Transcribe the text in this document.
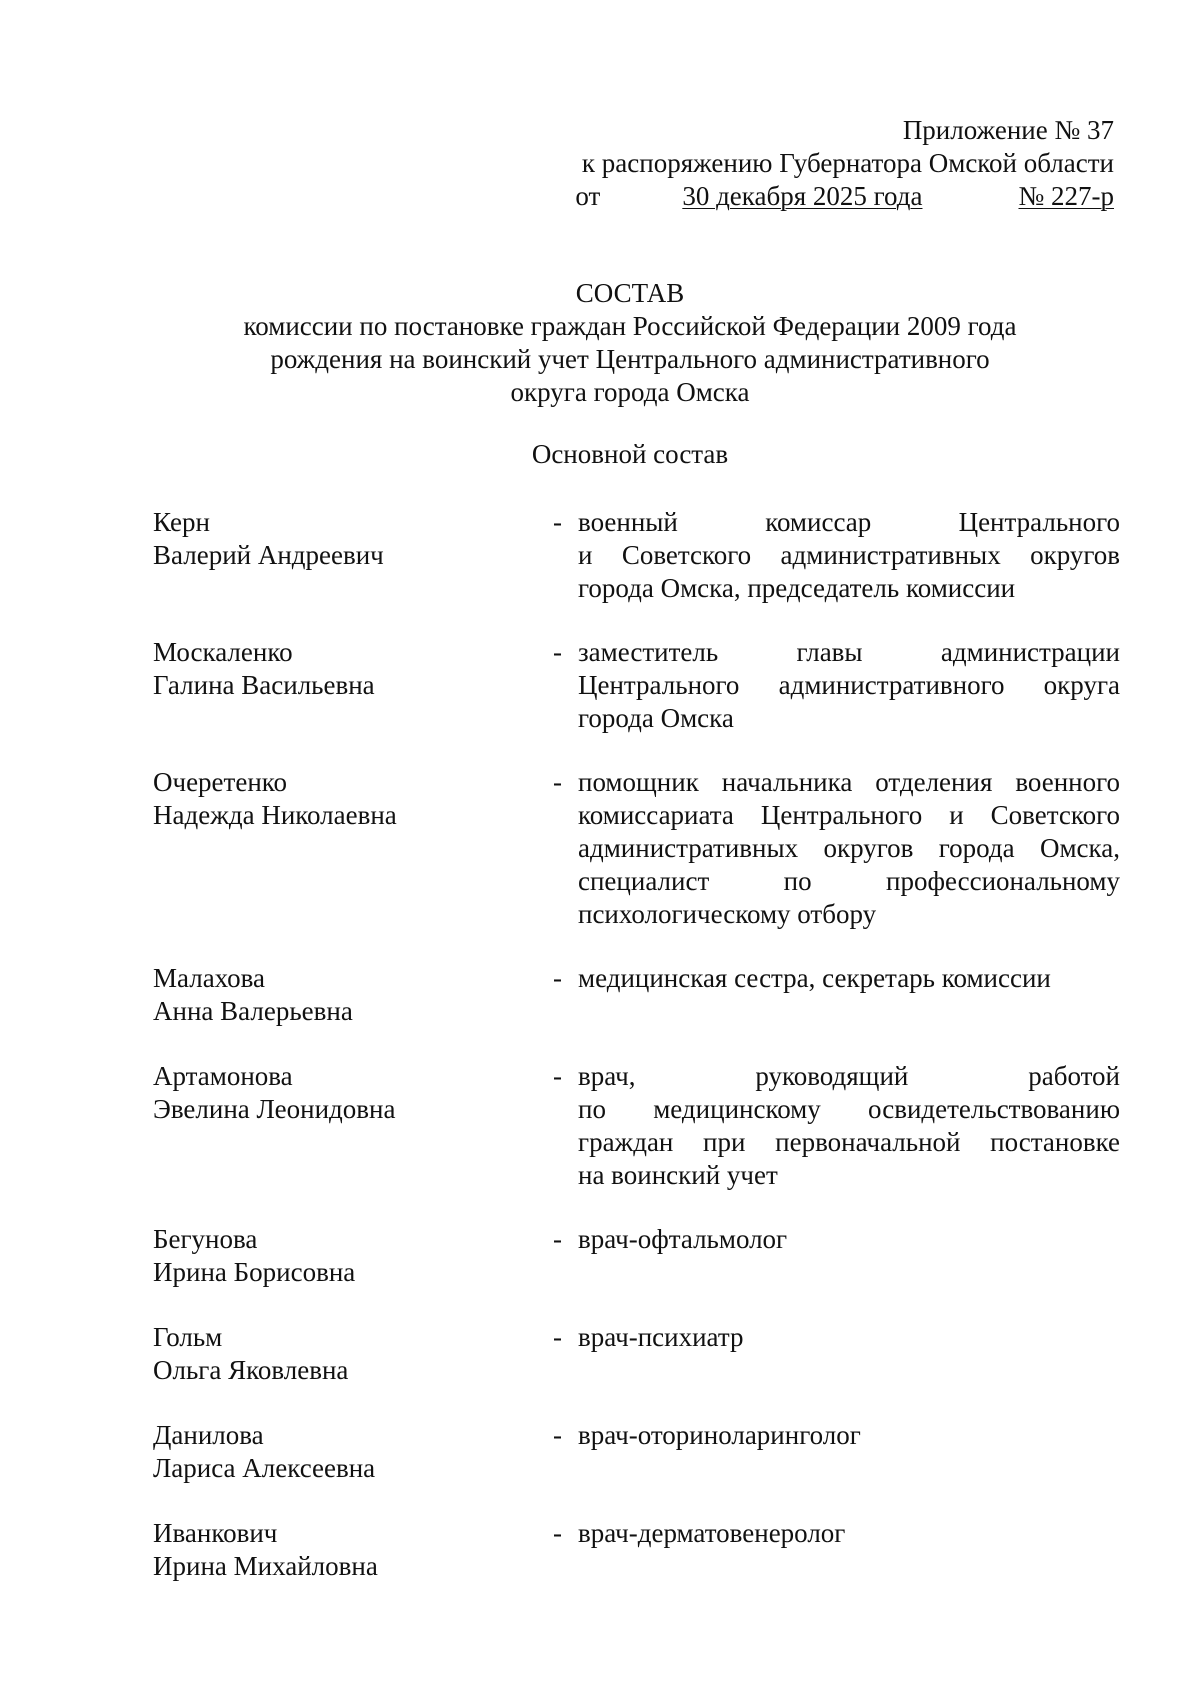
Приложение № 37
к распоряжению Губернатора Омской области
от	30 декабря 2025 года	№ 227-р
СОСТАВ
комиссии по постановке граждан Российской Федерации 2009 года
рождения на воинский учет Центрального административного
округа города Омска
Основной состав
Керн
Валерий Андреевич
- военный комиссар Центрального
и Советского административных округов
города Омска, председатель комиссии
Москаленко
Галина Васильевна
- заместитель главы администрации
Центрального административного округа
города Омска
Очеретенко
Надежда Николаевна
- помощник начальника отделения военного
комиссариата Центрального и Советского
административных округов города Омска,
специалист по профессиональному
психологическому отбору
Малахова
Анна Валерьевна
- медицинская сестра, секретарь комиссии
Артамонова
Эвелина Леонидовна
- врач, руководящий работой
по медицинскому освидетельствованию
граждан при первоначальной постановке
на воинский учет
Бегунова
Ирина Борисовна
- врач-офтальмолог
Гольм
Ольга Яковлевна
- врач-психиатр
Данилова
Лариса Алексеевна
- врач-оториноларинголог
Иванкович
Ирина Михайловна
- врач-дерматовенеролог
